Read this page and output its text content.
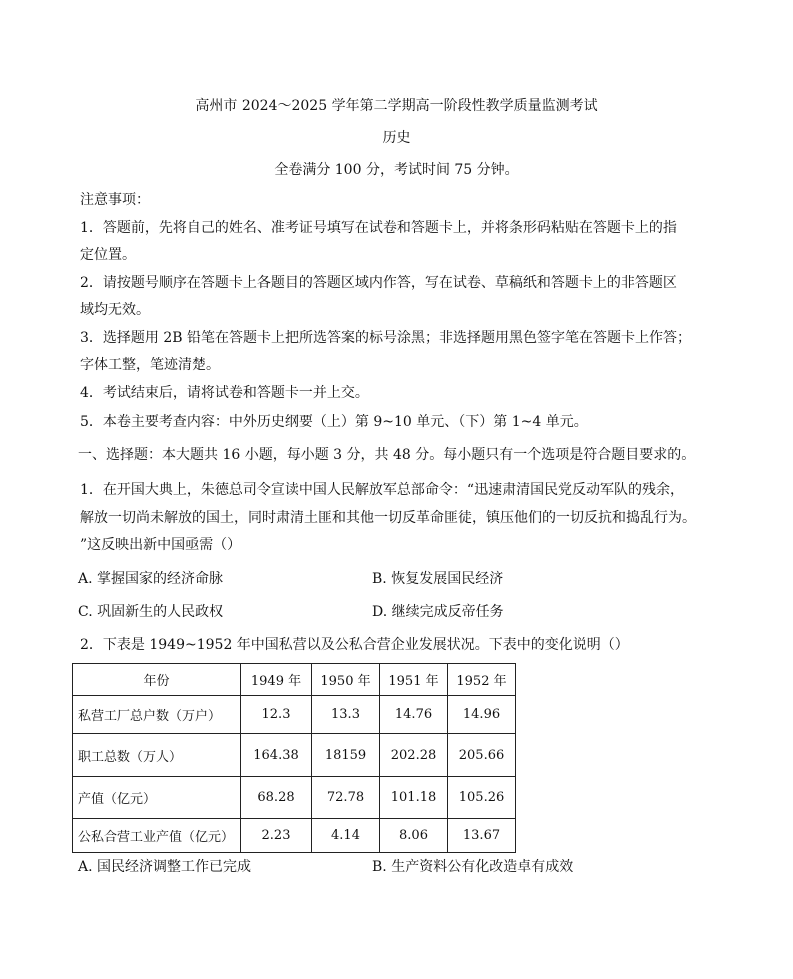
高州市 2024～2025 学年第二学期高一阶段性教学质量监测考试
历史
全卷满分 100 分，考试时间 75 分钟。
注意事项：
1．答题前，先将自己的姓名、准考证号填写在试卷和答题卡上，并将条形码粘贴在答题卡上的指
定位置。
2．请按题号顺序在答题卡上各题目的答题区域内作答，写在试卷、草稿纸和答题卡上的非答题区
域均无效。
3．选择题用 2B 铅笔在答题卡上把所选答案的标号涂黑；非选择题用黑色签字笔在答题卡上作答；
字体工整，笔迹清楚。
4．考试结束后，请将试卷和答题卡一并上交。
5．本卷主要考查内容：中外历史纲要（上）第 9~10 单元、（下）第 1~4 单元。
一、选择题：本大题共 16 小题，每小题 3 分，共 48 分。每小题只有一个选项是符合题目要求的。
1．在开国大典上，朱德总司令宣读中国人民解放军总部命令：“迅速肃清国民党反动军队的残余，
解放一切尚未解放的国土，同时肃清土匪和其他一切反革命匪徒，镇压他们的一切反抗和捣乱行为。
”这反映出新中国亟需（）
A. 掌握国家的经济命脉	B. 恢复发展国民经济
C. 巩固新生的人民政权	D. 继续完成反帝任务
2．下表是 1949~1952 年中国私营以及公私合营企业发展状况。下表中的变化说明（）
年份	1949 年	1950 年	1951 年	1952 年
私营工厂总户数（万户）	12.3	13.3	14.76	14.96
职工总数（万人）	164.38	18159	202.28	205.66
产值（亿元）	68.28	72.78	101.18	105.26
公私合营工业产值（亿元）	2.23	4.14	8.06	13.67
A. 国民经济调整工作已完成	B. 生产资料公有化改造卓有成效
